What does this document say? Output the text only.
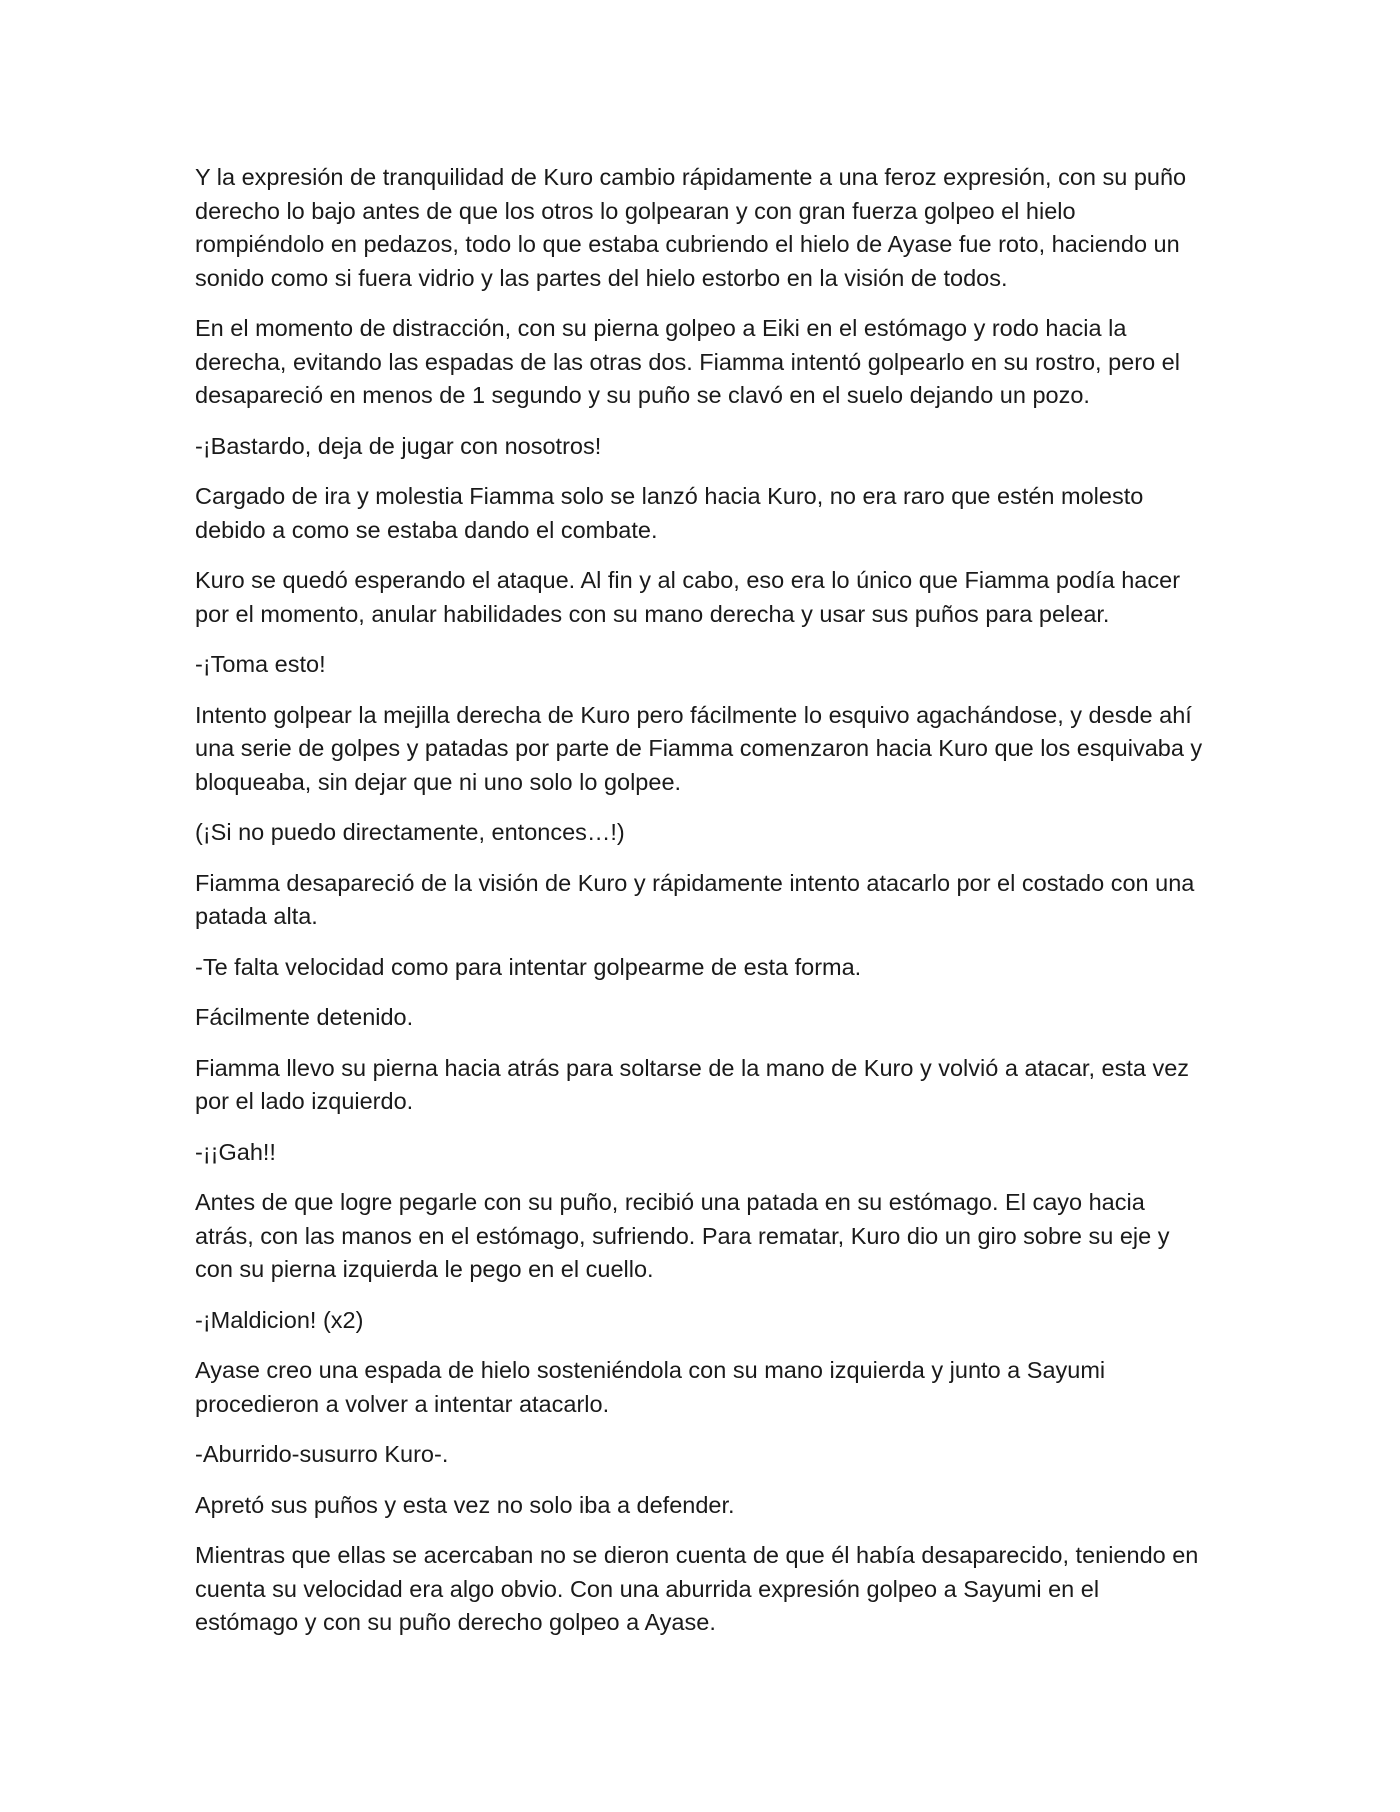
Y la expresión de tranquilidad de Kuro cambio rápidamente a una feroz expresión, con su puño derecho lo bajo antes de que los otros lo golpearan y con gran fuerza golpeo el hielo rompiéndolo en pedazos, todo lo que estaba cubriendo el hielo de Ayase fue roto, haciendo un sonido como si fuera vidrio y las partes del hielo estorbo en la visión de todos.

En el momento de distracción, con su pierna golpeo a Eiki en el estómago y rodo hacia la derecha, evitando las espadas de las otras dos. Fiamma intentó golpearlo en su rostro, pero el desapareció en menos de 1 segundo y su puño se clavó en el suelo dejando un pozo.

-¡Bastardo, deja de jugar con nosotros!

Cargado de ira y molestia Fiamma solo se lanzó hacia Kuro, no era raro que estén molesto debido a como se estaba dando el combate.

Kuro se quedó esperando el ataque. Al fin y al cabo, eso era lo único que Fiamma podía hacer por el momento, anular habilidades con su mano derecha y usar sus puños para pelear.

-¡Toma esto!

Intento golpear la mejilla derecha de Kuro pero fácilmente lo esquivo agachándose, y desde ahí una serie de golpes y patadas por parte de Fiamma comenzaron hacia Kuro que los esquivaba y bloqueaba, sin dejar que ni uno solo lo golpee.

(¡Si no puedo directamente, entonces…!)

Fiamma desapareció de la visión de Kuro y rápidamente intento atacarlo por el costado con una patada alta.

-Te falta velocidad como para intentar golpearme de esta forma.

Fácilmente detenido.

Fiamma llevo su pierna hacia atrás para soltarse de la mano de Kuro y volvió a atacar, esta vez por el lado izquierdo.

-¡¡Gah!!

Antes de que logre pegarle con su puño, recibió una patada en su estómago. El cayo hacia atrás, con las manos en el estómago, sufriendo. Para rematar, Kuro dio un giro sobre su eje y con su pierna izquierda le pego en el cuello.

-¡Maldicion! (x2)

Ayase creo una espada de hielo sosteniéndola con su mano izquierda y junto a Sayumi procedieron a volver a intentar atacarlo.

-Aburrido-susurro Kuro-.

Apretó sus puños y esta vez no solo iba a defender.

Mientras que ellas se acercaban no se dieron cuenta de que él había desaparecido, teniendo en cuenta su velocidad era algo obvio. Con una aburrida expresión golpeo a Sayumi en el estómago y con su puño derecho golpeo a Ayase.
